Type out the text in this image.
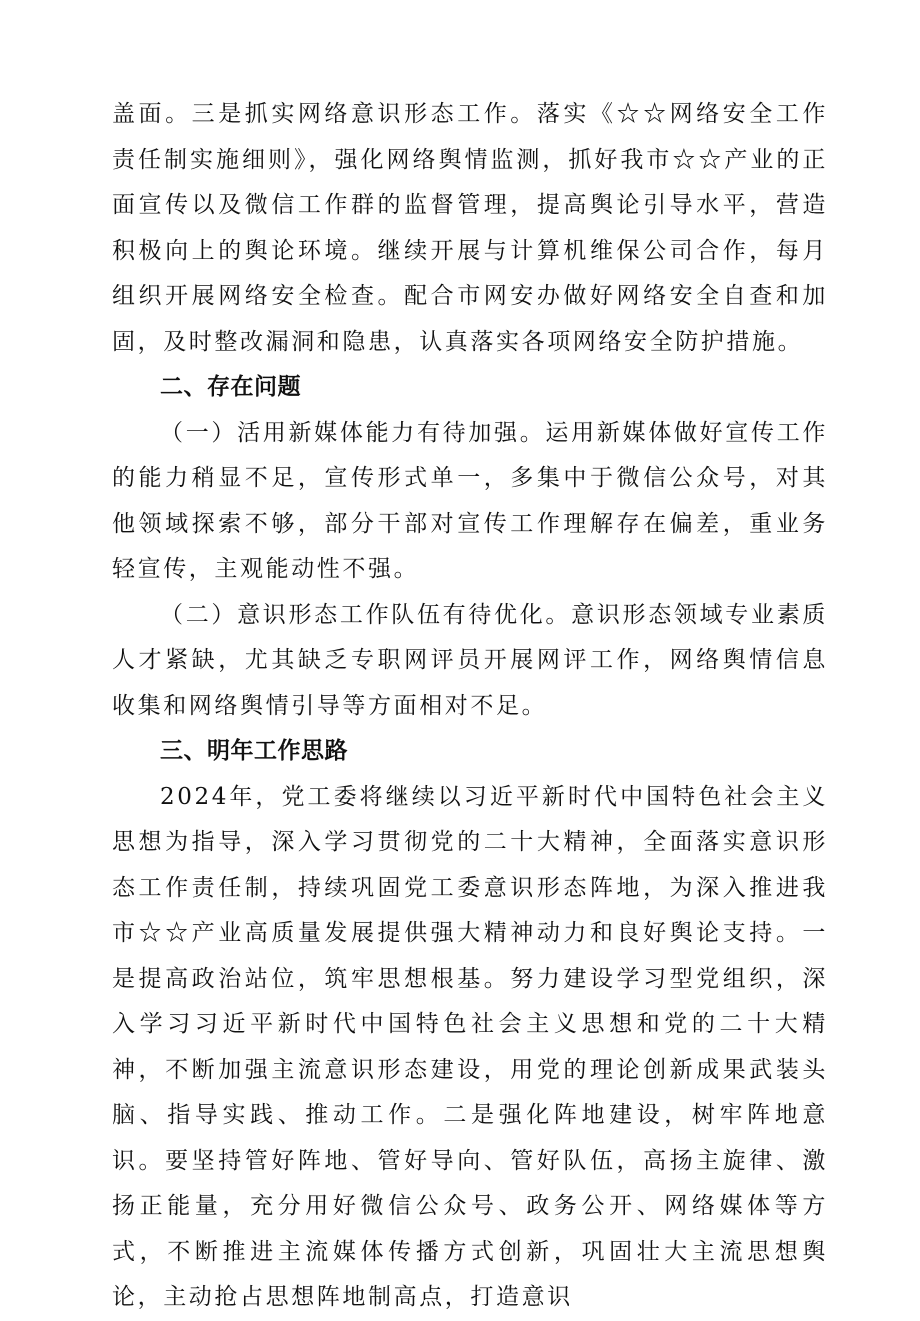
盖面。三是抓实网络意识形态工作。落实《☆☆网络安全工作责任制实施细则》，强化网络舆情监测，抓好我市☆☆产业的正面宣传以及微信工作群的监督管理，提高舆论引导水平，营造积极向上的舆论环境。继续开展与计算机维保公司合作，每月组织开展网络安全检查。配合市网安办做好网络安全自查和加固，及时整改漏洞和隐患，认真落实各项网络安全防护措施。

二、存在问题

（一）活用新媒体能力有待加强。运用新媒体做好宣传工作的能力稍显不足，宣传形式单一，多集中于微信公众号，对其他领域探索不够，部分干部对宣传工作理解存在偏差，重业务轻宣传，主观能动性不强。

（二）意识形态工作队伍有待优化。意识形态领域专业素质人才紧缺，尤其缺乏专职网评员开展网评工作，网络舆情信息收集和网络舆情引导等方面相对不足。

三、明年工作思路

2024年，党工委将继续以习近平新时代中国特色社会主义思想为指导，深入学习贯彻党的二十大精神，全面落实意识形态工作责任制，持续巩固党工委意识形态阵地，为深入推进我市☆☆产业高质量发展提供强大精神动力和良好舆论支持。一是提高政治站位，筑牢思想根基。努力建设学习型党组织，深入学习习近平新时代中国特色社会主义思想和党的二十大精神，不断加强主流意识形态建设，用党的理论创新成果武装头脑、指导实践、推动工作。二是强化阵地建设，树牢阵地意识。要坚持管好阵地、管好导向、管好队伍，高扬主旋律、激扬正能量，充分用好微信公众号、政务公开、网络媒体等方式，不断推进主流媒体传播方式创新，巩固壮大主流思想舆论，主动抢占思想阵地制高点，打造意识
